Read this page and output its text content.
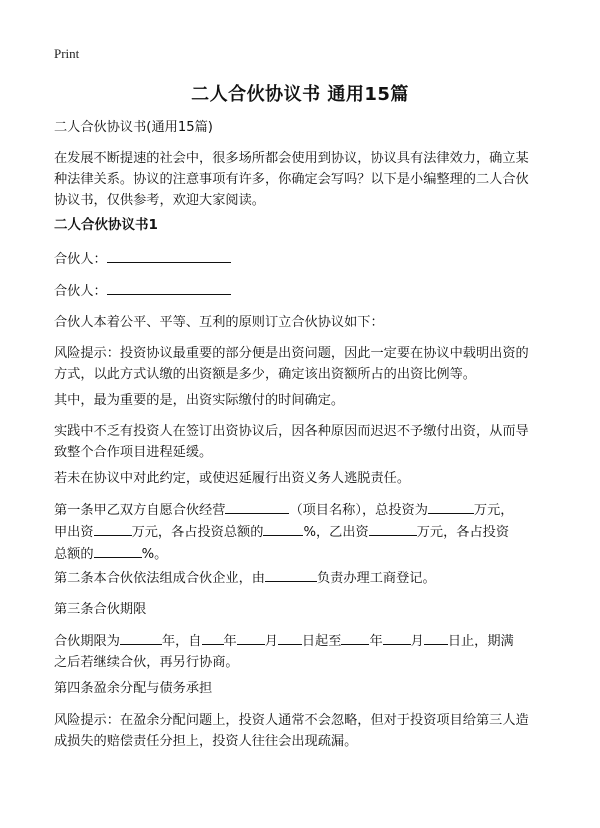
Print
二人合伙协议书 通用15篇

二人合伙协议书(通用15篇)

在发展不断提速的社会中，很多场所都会使用到协议，协议具有法律效力，确立某
种法律关系。协议的注意事项有许多，你确定会写吗？以下是小编整理的二人合伙
协议书，仅供参考，欢迎大家阅读。

二人合伙协议书1

合伙人：

合伙人：

合伙人本着公平、平等、互利的原则订立合伙协议如下：

风险提示：投资协议最重要的部分便是出资问题，因此一定要在协议中载明出资的
方式，以此方式认缴的出资额是多少，确定该出资额所占的出资比例等。

其中，最为重要的是，出资实际缴付的时间确定。

实践中不乏有投资人在签订出资协议后，因各种原因而迟迟不予缴付出资，从而导
致整个合作项目进程延缓。

若未在协议中对此约定，或使迟延履行出资义务人逃脱责任。

第一条甲乙双方自愿合伙经营	（项目名称），总投资为	万元，
甲出资	万元，各占投资总额的	%，乙出资	万元，各占投资
总额的	%。

第二条本合伙依法组成合伙企业，由	负责办理工商登记。

第三条合伙期限

合伙期限为	年，自 年 月 日起至 年 月 日止，期满
之后若继续合伙，再另行协商。

第四条盈余分配与债务承担

风险提示：在盈余分配问题上，投资人通常不会忽略，但对于投资项目给第三人造
成损失的赔偿责任分担上，投资人往往会出现疏漏。
